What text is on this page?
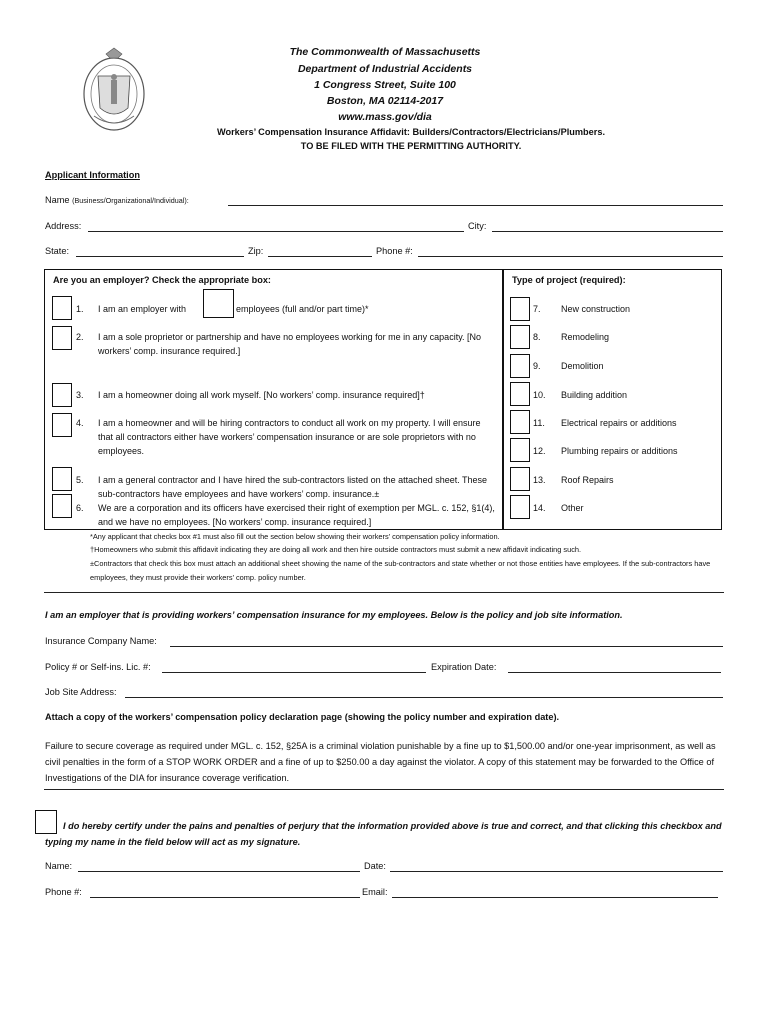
The Commonwealth of Massachusetts
Department of Industrial Accidents
1 Congress Street, Suite 100
Boston, MA 02114-2017
www.mass.gov/dia
Workers’ Compensation Insurance Affidavit: Builders/Contractors/Electricians/Plumbers.
TO BE FILED WITH THE PERMITTING AUTHORITY.
Applicant Information
Name (Business/Organizational/Individual):
Address:	City:
State:	Zip:	Phone #:
Are you an employer? Check the appropriate box:
1. I am an employer with	employees (full and/or part time)*
2. I am a sole proprietor or partnership and have no employees working for me in any capacity. [No workers’ comp. insurance required.]
3. I am a homeowner doing all work myself. [No workers’ comp. insurance required]†
4. I am a homeowner and will be hiring contractors to conduct all work on my property. I will ensure that all contractors either have workers’ compensation insurance or are sole proprietors with no employees.
5. I am a general contractor and I have hired the sub-contractors listed on the attached sheet. These sub-contractors have employees and have workers’ comp. insurance.±
6. We are a corporation and its officers have exercised their right of exemption per MGL. c. 152, §1(4), and we have no employees. [No workers’ comp. insurance required.]
Type of project (required):
7. New construction
8. Remodeling
9. Demolition
10. Building addition
11. Electrical repairs or additions
12. Plumbing repairs or additions
13. Roof Repairs
14. Other
*Any applicant that checks box #1 must also fill out the section below showing their workers’ compensation policy information.
†Homeowners who submit this affidavit indicating they are doing all work and then hire outside contractors must submit a new affidavit indicating such.
±Contractors that check this box must attach an additional sheet showing the name of the sub-contractors and state whether or not those entities have employees. If the sub-contractors have employees, they must provide their workers’ comp. policy number.
I am an employer that is providing workers’ compensation insurance for my employees. Below is the policy and job site information.
Insurance Company Name:
Policy # or Self-ins. Lic. #:	Expiration Date:
Job Site Address:
Attach a copy of the workers’ compensation policy declaration page (showing the policy number and expiration date).
Failure to secure coverage as required under MGL. c. 152, §25A is a criminal violation punishable by a fine up to $1,500.00 and/or one-year imprisonment, as well as civil penalties in the form of a STOP WORK ORDER and a fine of up to $250.00 a day against the violator. A copy of this statement may be forwarded to the Office of Investigations of the DIA for insurance coverage verification.
I do hereby certify under the pains and penalties of perjury that the information provided above is true and correct, and that clicking this checkbox and typing my name in the field below will act as my signature.
Name:	Date:
Phone #:	Email:
